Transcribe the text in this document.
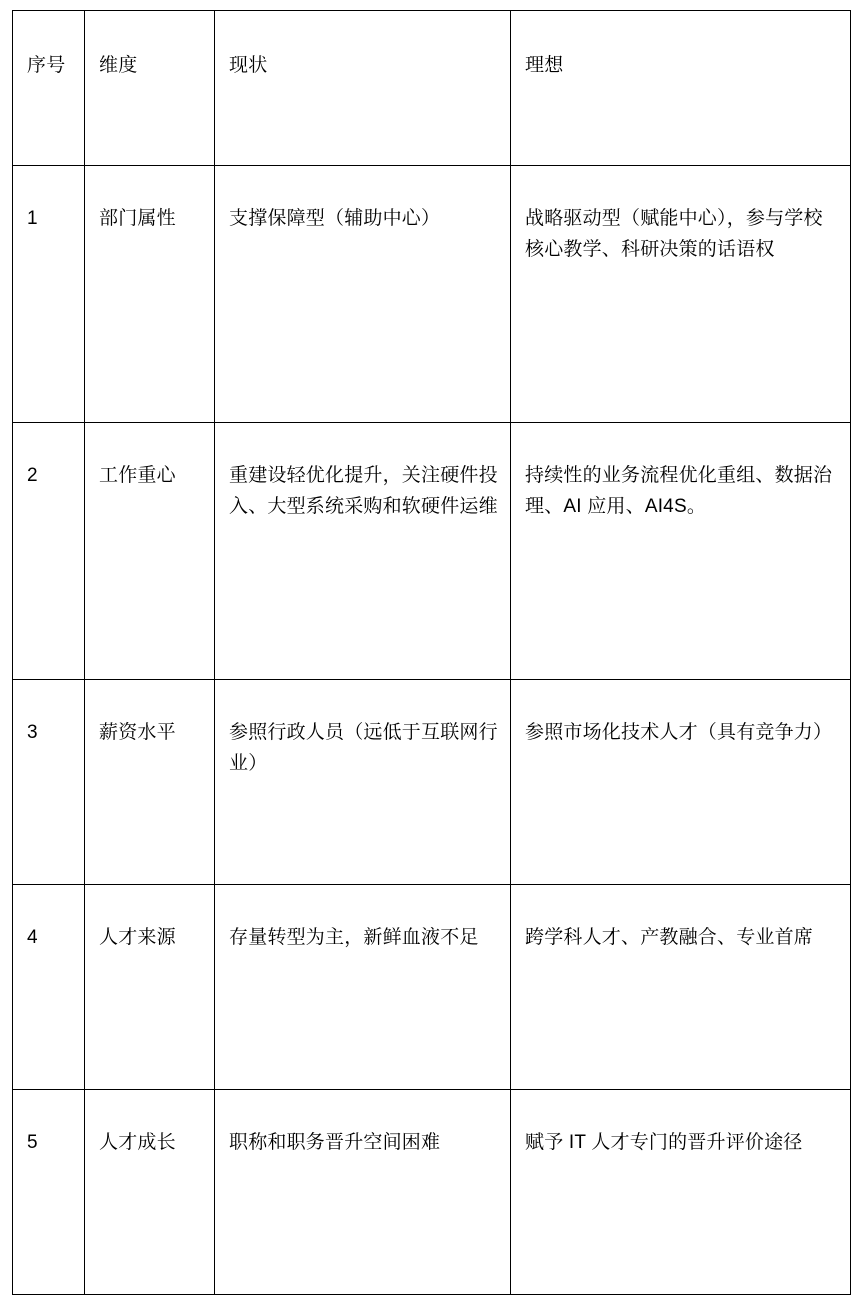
序号	维度	现状	理想
1	部门属性	支撑保障型（辅助中心）	战略驱动型（赋能中心），参与学校核心教学、科研决策的话语权
2	工作重心	重建设轻优化提升，关注硬件投入、大型系统采购和软硬件运维	持续性的业务流程优化重组、数据治理、AI 应用、AI4S。
3	薪资水平	参照行政人员（远低于互联网行业）	参照市场化技术人才（具有竞争力）
4	人才来源	存量转型为主，新鲜血液不足	跨学科人才、产教融合、专业首席
5	人才成长	职称和职务晋升空间困难	赋予 IT 人才专门的晋升评价途径
